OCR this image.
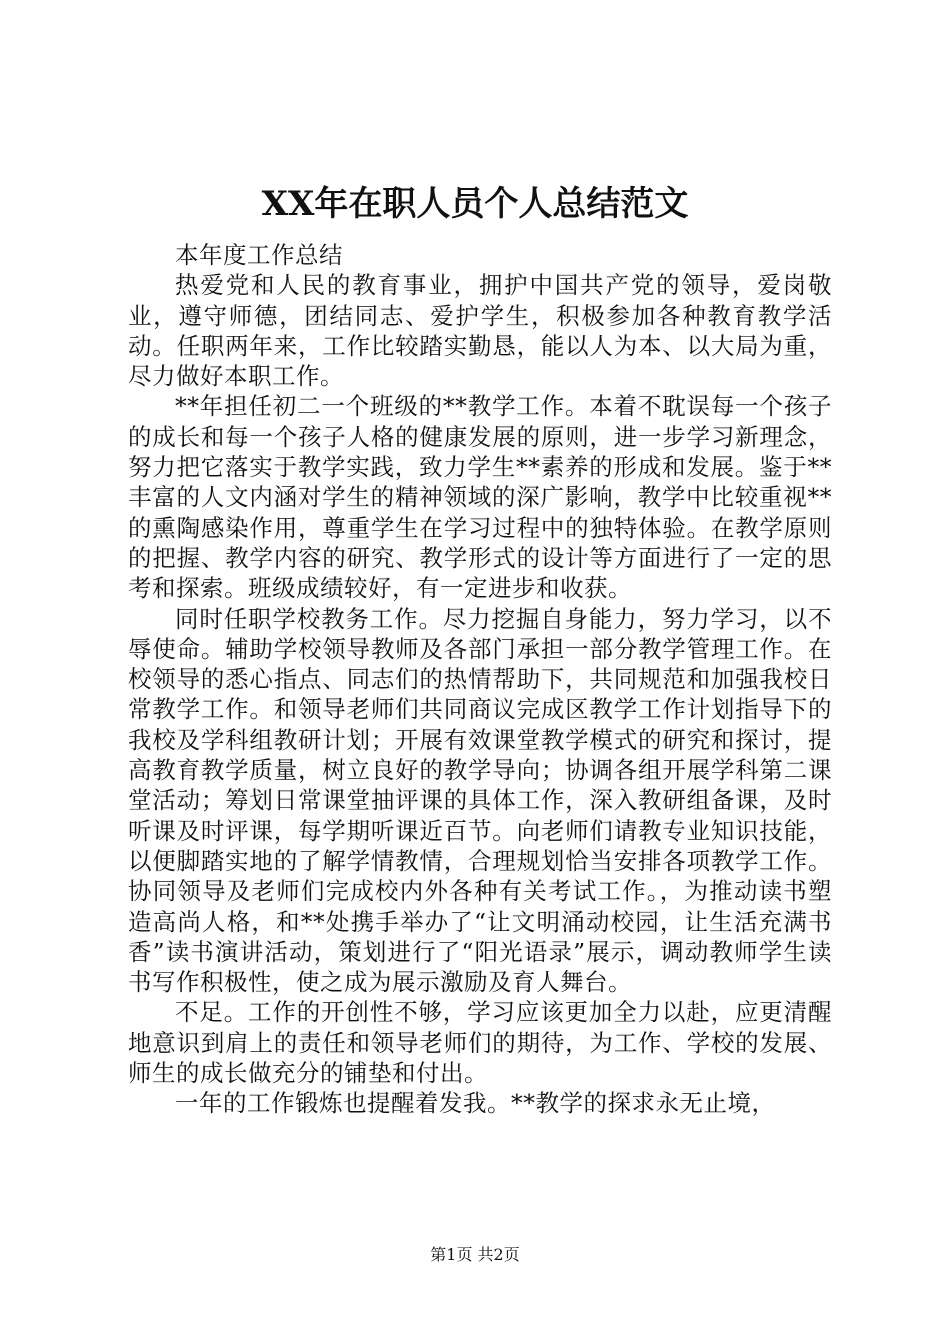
XX年在职人员个人总结范文

本年度工作总结

热爱党和人民的教育事业，拥护中国共产党的领导，爱岗敬业，遵守师德，团结同志、爱护学生，积极参加各种教育教学活动。任职两年来，工作比较踏实勤恳，能以人为本、以大局为重，尽力做好本职工作。

**年担任初二一个班级的**教学工作。本着不耽误每一个孩子的成长和每一个孩子人格的健康发展的原则，进一步学习新理念，努力把它落实于教学实践，致力学生**素养的形成和发展。鉴于**丰富的人文内涵对学生的精神领域的深广影响，教学中比较重视**的熏陶感染作用，尊重学生在学习过程中的独特体验。在教学原则的把握、教学内容的研究、教学形式的设计等方面进行了一定的思考和探索。班级成绩较好，有一定进步和收获。

同时任职学校教务工作。尽力挖掘自身能力，努力学习，以不辱使命。辅助学校领导教师及各部门承担一部分教学管理工作。在校领导的悉心指点、同志们的热情帮助下，共同规范和加强我校日常教学工作。和领导老师们共同商议完成区教学工作计划指导下的我校及学科组教研计划；开展有效课堂教学模式的研究和探讨，提高教育教学质量，树立良好的教学导向；协调各组开展学科第二课堂活动；筹划日常课堂抽评课的具体工作，深入教研组备课，及时听课及时评课，每学期听课近百节。向老师们请教专业知识技能，以便脚踏实地的了解学情教情，合理规划恰当安排各项教学工作。协同领导及老师们完成校内外各种有关考试工作。，为推动读书塑造高尚人格，和**处携手举办了“让文明涌动校园，让生活充满书香”读书演讲活动，策划进行了“阳光语录”展示，调动教师学生读书写作积极性，使之成为展示激励及育人舞台。

不足。工作的开创性不够，学习应该更加全力以赴，应更清醒地意识到肩上的责任和领导老师们的期待，为工作、学校的发展、师生的成长做充分的铺垫和付出。

一年的工作锻炼也提醒着发我。**教学的探求永无止境，

第1页 共2页
